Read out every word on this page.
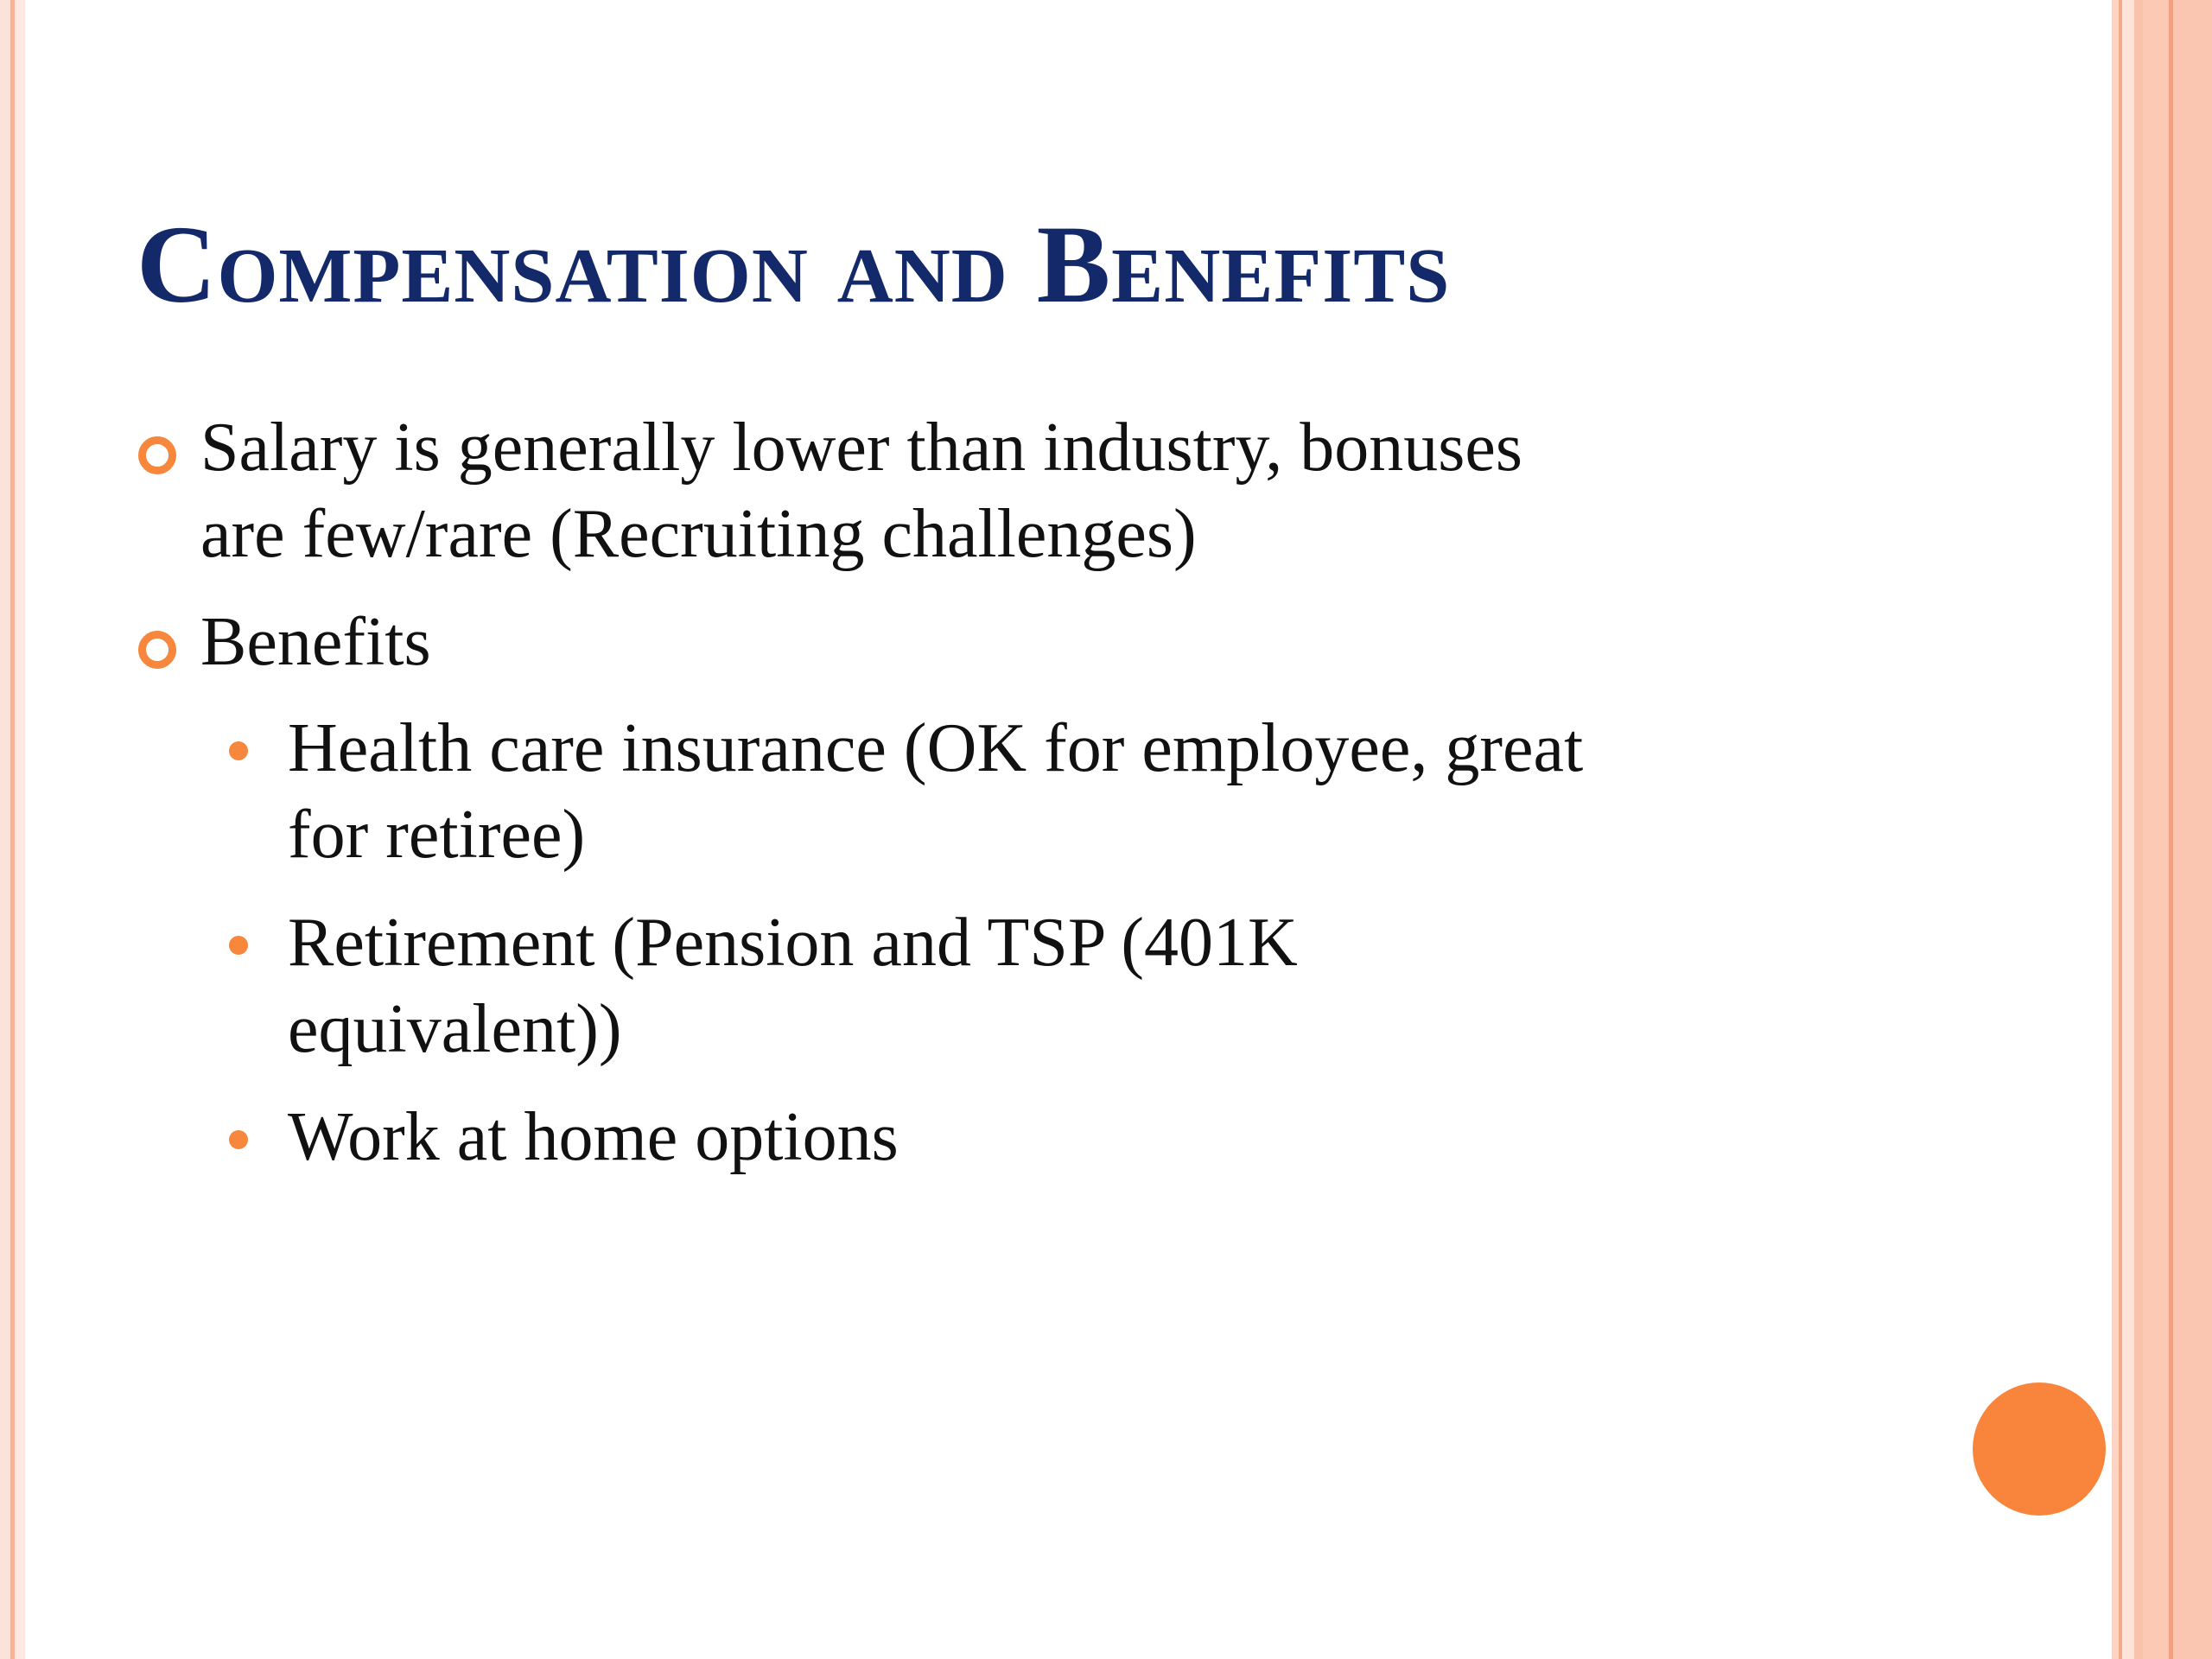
Compensation and Benefits
Salary is generally lower than industry, bonuses
are few/rare (Recruiting challenges)
Benefits
Health care insurance (OK for employee, great
for retiree)
Retirement (Pension and TSP (401K
equivalent))
Work at home options
